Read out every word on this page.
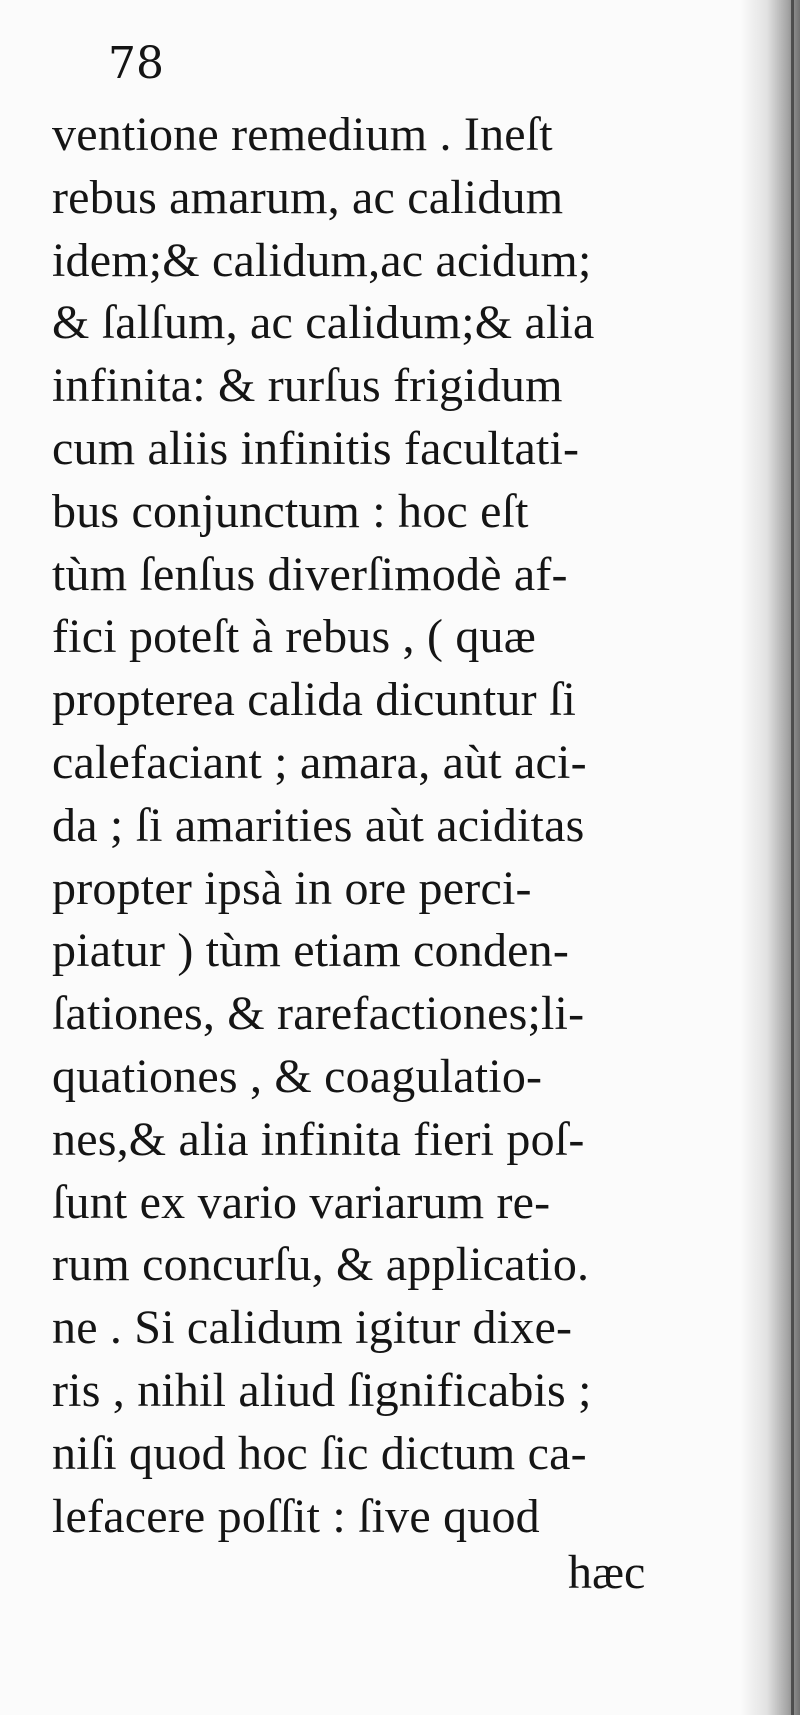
78
ventione remedium . Ineſt
rebus amarum, ac calidum
idem;& calidum,ac acidum;
& ſalſum, ac calidum;& alia
infinita: & rurſus frigidum
cum aliis infinitis facultati-
bus conjunctum : hoc eſt
tùm ſenſus diverſimodè af-
fici poteſt à rebus , ( quæ
propterea calida dicuntur ſi
calefaciant ; amara, aùt aci-
da ; ſi amarities aùt aciditas
propter ipsà in ore perci-
piatur ) tùm etiam conden-
ſationes, & rarefactiones;li-
quationes , & coagulatio-
nes,& alia infinita fieri poſ-
ſunt ex vario variarum re-
rum concurſu, & applicatio.
ne . Si calidum igitur dixe-
ris , nihil aliud ſignificabis ;
niſi quod hoc ſic dictum ca-
lefacere poſſit : ſive quod
hæc
